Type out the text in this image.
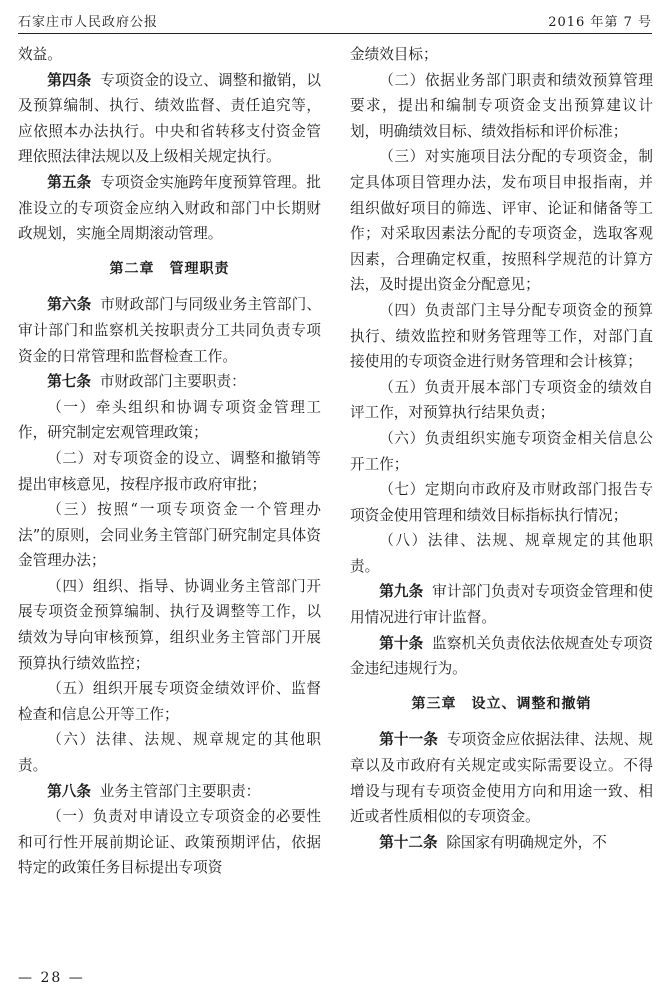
石家庄市人民政府公报	2016 年第 7 号

效益。

第四条 专项资金的设立、调整和撤销，以及预算编制、执行、绩效监督、责任追究等，应依照本办法执行。中央和省转移支付资金管理依照法律法规以及上级相关规定执行。

第五条 专项资金实施跨年度预算管理。批准设立的专项资金应纳入财政和部门中长期财政规划，实施全周期滚动管理。

第二章　管理职责

第六条 市财政部门与同级业务主管部门、审计部门和监察机关按职责分工共同负责专项资金的日常管理和监督检查工作。

第七条 市财政部门主要职责：

（一）牵头组织和协调专项资金管理工作，研究制定宏观管理政策；

（二）对专项资金的设立、调整和撤销等提出审核意见，按程序报市政府审批；

（三）按照“一项专项资金一个管理办法”的原则，会同业务主管部门研究制定具体资金管理办法；

（四）组织、指导、协调业务主管部门开展专项资金预算编制、执行及调整等工作，以绩效为导向审核预算，组织业务主管部门开展预算执行绩效监控；

（五）组织开展专项资金绩效评价、监督检查和信息公开等工作；

（六）法律、法规、规章规定的其他职责。

第八条 业务主管部门主要职责：

（一）负责对申请设立专项资金的必要性和可行性开展前期论证、政策预期评估，依据特定的政策任务目标提出专项资

金绩效目标；

（二）依据业务部门职责和绩效预算管理要求，提出和编制专项资金支出预算建议计划，明确绩效目标、绩效指标和评价标准；

（三）对实施项目法分配的专项资金，制定具体项目管理办法，发布项目申报指南，并组织做好项目的筛选、评审、论证和储备等工作；对采取因素法分配的专项资金，选取客观因素，合理确定权重，按照科学规范的计算方法，及时提出资金分配意见；

（四）负责部门主导分配专项资金的预算执行、绩效监控和财务管理等工作，对部门直接使用的专项资金进行财务管理和会计核算；

（五）负责开展本部门专项资金的绩效自评工作，对预算执行结果负责；

（六）负责组织实施专项资金相关信息公开工作；

（七）定期向市政府及市财政部门报告专项资金使用管理和绩效目标指标执行情况；

（八）法律、法规、规章规定的其他职责。

第九条 审计部门负责对专项资金管理和使用情况进行审计监督。

第十条 监察机关负责依法依规查处专项资金违纪违规行为。

第三章　设立、调整和撤销

第十一条 专项资金应依据法律、法规、规章以及市政府有关规定或实际需要设立。不得增设与现有专项资金使用方向和用途一致、相近或者性质相似的专项资金。

第十二条 除国家有明确规定外，不

— 28 —
